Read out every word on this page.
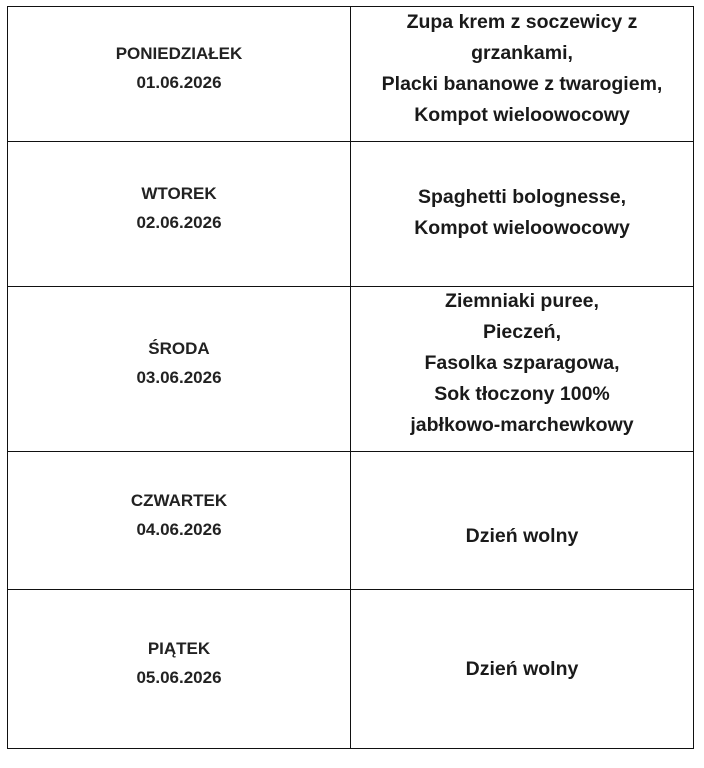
PONIEDZIAŁEK
01.06.2026	Zupa krem z soczewicy z
grzankami,
Placki bananowe z twarogiem,
Kompot wieloowocowy

WTOREK
02.06.2026	Spaghetti bolognesse,
Kompot wieloowocowy

ŚRODA
03.06.2026	Ziemniaki puree,
Pieczeń,
Fasolka szparagowa,
Sok tłoczony 100%
jabłkowo-marchewkowy

CZWARTEK
04.06.2026	Dzień wolny

PIĄTEK
05.06.2026	Dzień wolny
